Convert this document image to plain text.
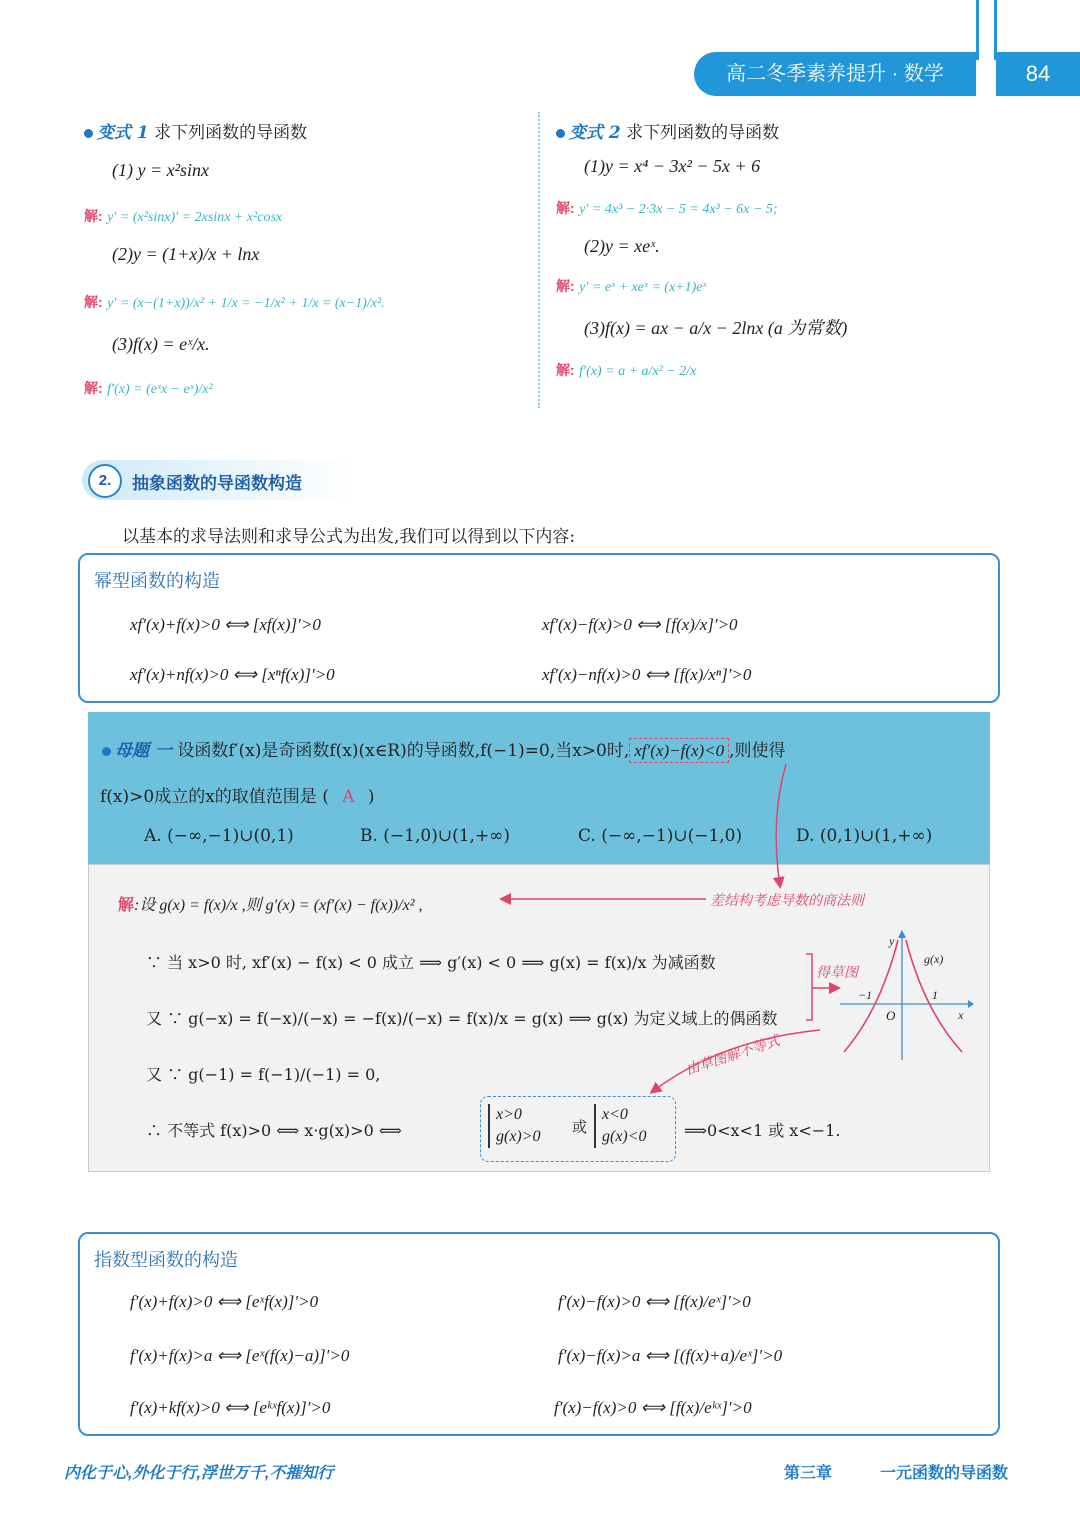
高二冬季素养提升 · 数学	84
变式 1 求下列函数的导函数
(1) y = x²sinx
解: y′ = (x²sinx)′ = 2xsinx + x²cosx
(2)y = (1+x)/x + lnx
解: y′ = (x−(1+x))/x² + 1/x = −1/x² + 1/x = (x−1)/x².
(3)f(x) = eˣ/x.
解: f′(x) = (eˣx − eˣ)/x²
变式 2 求下列函数的导函数
(1)y = x⁴ − 3x² − 5x + 6
解: y′ = 4x³ − 2·3x − 5 = 4x³ − 6x − 5;
(2)y = xeˣ.
解: y′ = eˣ + xeˣ = (x+1)eˣ
(3)f(x) = ax − a/x − 2lnx (a 为常数)
解: f′(x) = a + a/x² − 2/x
2.	抽象函数的导函数构造
以基本的求导法则和求导公式为出发,我们可以得到以下内容:
幂型函数的构造
xf′(x)+f(x)>0 ⟺ [xf(x)]′>0	xf′(x)−f(x)>0 ⟺ [f(x)/x]′>0
xf′(x)+nf(x)>0 ⟺ [xⁿf(x)]′>0	xf′(x)−nf(x)>0 ⟺ [f(x)/xⁿ]′>0
母题 一 设函数f′(x)是奇函数f(x)(x∈R)的导函数,f(−1)=0,当x>0时, xf′(x)−f(x)<0 ,则使得
f(x)>0成立的x的取值范围是 ( A )
A. (−∞,−1)∪(0,1)	B. (−1,0)∪(1,+∞)	C. (−∞,−1)∪(−1,0)	D. (0,1)∪(1,+∞)
解:设 g(x) = f(x)/x ,则 g′(x) = (xf′(x) − f(x))/x² ,	差结构考虑导数的商法则
∵ 当 x>0 时, xf′(x) − f(x) < 0 成立 ⟹ g′(x) < 0 ⟹ g(x) = f(x)/x 为减函数
又 ∵ g(−x) = f(−x)/(−x) = −f(x)/(−x) = f(x)/x = g(x) ⟹ g(x) 为定义域上的偶函数
得草图
又 ∵ g(−1) = f(−1)/(−1) = 0,	由草图解不等式
∴ 不等式 f(x)>0 ⟺ x·g(x)>0 ⟺
x>0
g(x)>0
或
x<0
g(x)<0 ⟹0<x<1 或 x<−1.
y
g(x)
−1	1
O	x
指数型函数的构造
f′(x)+f(x)>0 ⟺ [eˣf(x)]′>0	f′(x)−f(x)>0 ⟺ [f(x)/eˣ]′>0
f′(x)+f(x)>a ⟺ [eˣ(f(x)−a)]′>0	f′(x)−f(x)>a ⟺ [(f(x)+a)/eˣ]′>0
f′(x)+kf(x)>0 ⟺ [eᵏˣf(x)]′>0	f′(x)−f(x)>0 ⟺ [f(x)/eᵏˣ]′>0
内化于心,外化于行,浮世万千,不摧知行	第三章	一元函数的导函数
